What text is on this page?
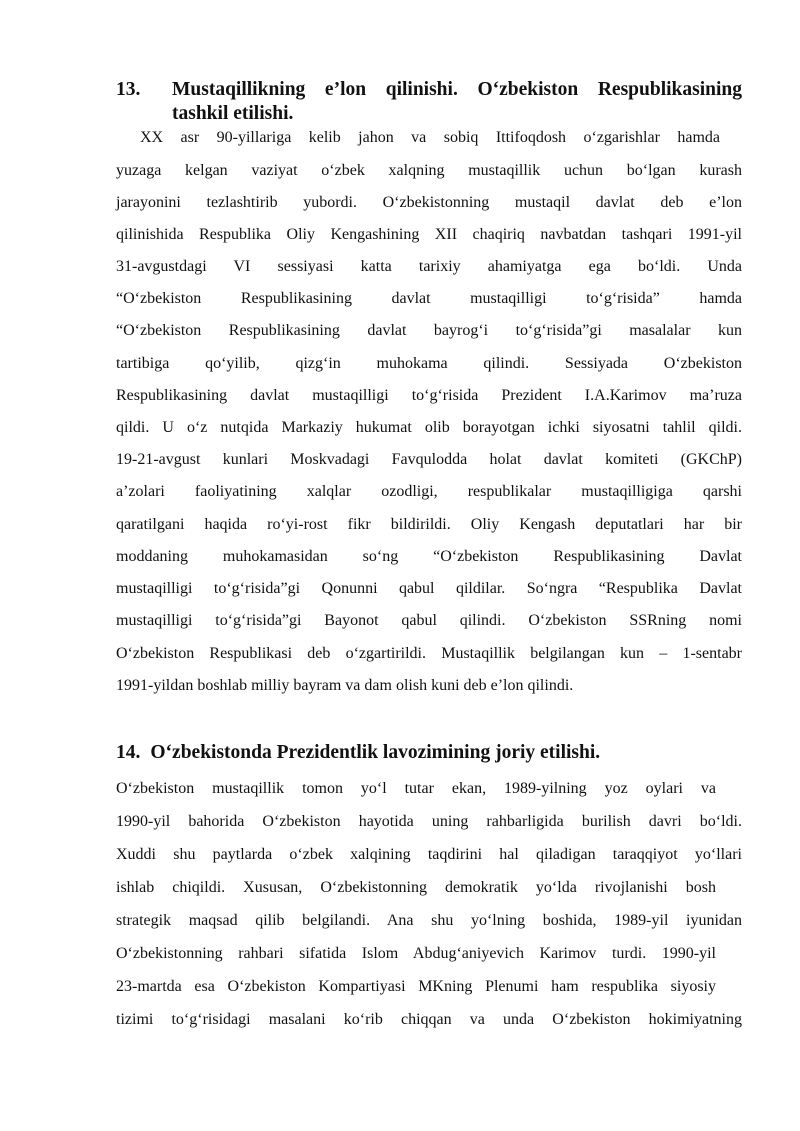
13. Mustaqillikning e’lon qilinishi. O‘zbekiston Respublikasining tashkil etilishi.
XX asr 90-yillariga kelib jahon va sobiq Ittifoqdosh o‘zgarishlar hamda
yuzaga kelgan vaziyat o‘zbek xalqning mustaqillik uchun bo‘lgan kurash
jarayonini tezlashtirib yubordi. O‘zbekistonning mustaqil davlat deb e’lon
qilinishida Respublika Oliy Kengashining XII chaqiriq navbatdan tashqari 1991-yil
31-avgustdagi VI sessiyasi katta tarixiy ahamiyatga ega bo‘ldi. Unda
“O‘zbekiston Respublikasining davlat mustaqilligi to‘g‘risida” hamda
“O‘zbekiston Respublikasining davlat bayrog‘i to‘g‘risida”gi masalalar kun
tartibiga qo‘yilib, qizg‘in muhokama qilindi. Sessiyada O‘zbekiston
Respublikasining davlat mustaqilligi to‘g‘risida Prezident I.A.Karimov ma’ruza
qildi. U o‘z nutqida Markaziy hukumat olib borayotgan ichki siyosatni tahlil qildi.
19-21-avgust kunlari Moskvadagi Favqulodda holat davlat komiteti (GKChP)
a’zolari faoliyatining xalqlar ozodligi, respublikalar mustaqilligiga qarshi
qaratilgani haqida ro‘yi-rost fikr bildirildi. Oliy Kengash deputatlari har bir
moddaning muhokamasidan so‘ng “O‘zbekiston Respublikasining Davlat
mustaqilligi to‘g‘risida”gi Qonunni qabul qildilar. So‘ngra “Respublika Davlat
mustaqilligi to‘g‘risida”gi Bayonot qabul qilindi. O‘zbekiston SSRning nomi
O‘zbekiston Respublikasi deb o‘zgartirildi. Mustaqillik belgilangan kun – 1-sentabr
1991-yildan boshlab milliy bayram va dam olish kuni deb e’lon qilindi.
14. O‘zbekistonda Prezidentlik lavozimining joriy etilishi.
O‘zbekiston mustaqillik tomon yo‘l tutar ekan, 1989-yilning yoz oylari va
1990-yil bahorida O‘zbekiston hayotida uning rahbarligida burilish davri bo‘ldi.
Xuddi shu paytlarda o‘zbek xalqining taqdirini hal qiladigan taraqqiyot yo‘llari
ishlab chiqildi. Xususan, O‘zbekistonning demokratik yo‘lda rivojlanishi bosh
strategik maqsad qilib belgilandi. Ana shu yo‘lning boshida, 1989-yil iyunidan
O‘zbekistonning rahbari sifatida Islom Abdug‘aniyevich Karimov turdi. 1990-yil
23-martda esa O‘zbekiston Kompartiyasi MKning Plenumi ham respublika siyosiy
tizimi to‘g‘risidagi masalani ko‘rib chiqqan va unda O‘zbekiston hokimiyatning
